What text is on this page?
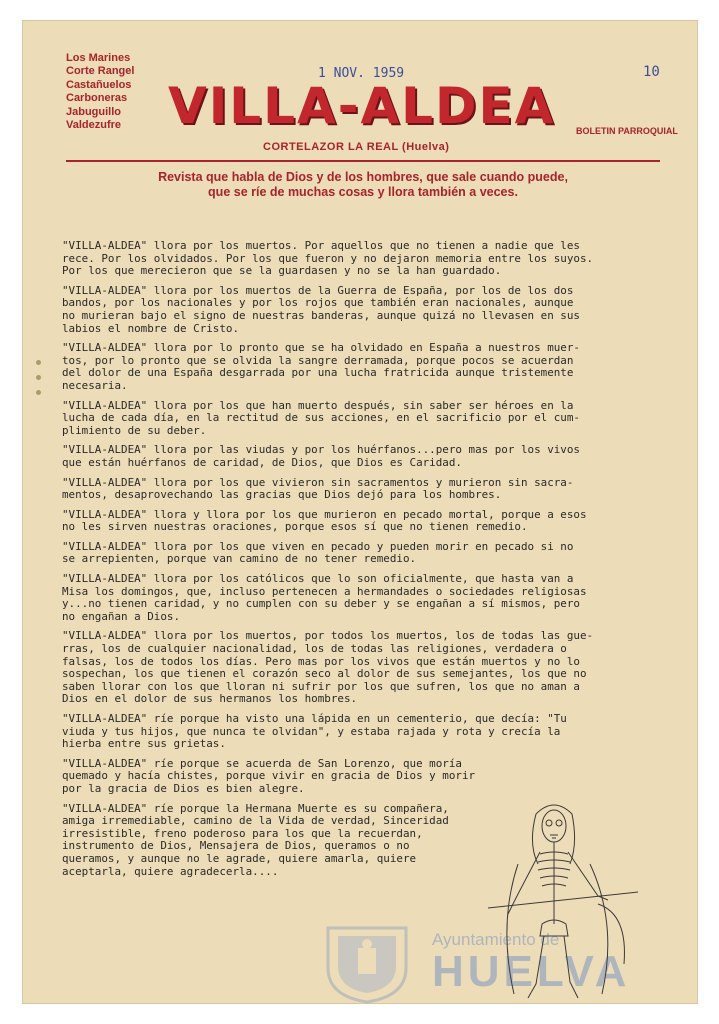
Los Marines
Corte Rangel
Castañuelos
Carboneras
Jabuguillo
Valdezufre
1 NOV. 1959	10
VILLA-ALDEA BOLETIN PARROQUIAL
CORTELAZOR LA REAL (Huelva)
Revista que habla de Dios y de los hombres, que sale cuando puede,
que se ríe de muchas cosas y llora también a veces.
"VILLA-ALDEA" llora por los muertos. Por aquellos que no tienen a nadie que les
rece. Por los olvidados. Por los que fueron y no dejaron memoria entre los suyos.
Por los que merecieron que se la guardasen y no se la han guardado.
"VILLA-ALDEA" llora por los muertos de la Guerra de España, por los de los dos
bandos, por los nacionales y por los rojos que también eran nacionales, aunque
no murieran bajo el signo de nuestras banderas, aunque quizá no llevasen en sus
labios el nombre de Cristo.
"VILLA-ALDEA" llora por lo pronto que se ha olvidado en España a nuestros muer-
tos, por lo pronto que se olvida la sangre derramada, porque pocos se acuerdan
del dolor de una España desgarrada por una lucha fratricida aunque tristemente
necesaria.
"VILLA-ALDEA" llora por los que han muerto después, sin saber ser héroes en la
lucha de cada día, en la rectitud de sus acciones, en el sacrificio por el cum-
plimiento de su deber.
"VILLA-ALDEA" llora por las viudas y por los huérfanos...pero mas por los vivos
que están huérfanos de caridad, de Dios, que Dios es Caridad.
"VILLA-ALDEA" llora por los que vivieron sin sacramentos y murieron sin sacra-
mentos, desaprovechando las gracias que Dios dejó para los hombres.
"VILLA-ALDEA" llora y llora por los que murieron en pecado mortal, porque a esos
no les sirven nuestras oraciones, porque esos sí que no tienen remedio.
"VILLA-ALDEA" llora por los que viven en pecado y pueden morir en pecado si no
se arrepienten, porque van camino de no tener remedio.
"VILLA-ALDEA" llora por los católicos que lo son oficialmente, que hasta van a
Misa los domingos, que, incluso pertenecen a hermandades o sociedades religiosas
y...no tienen caridad, y no cumplen con su deber y se engañan a sí mismos, pero
no engañan a Dios.
"VILLA-ALDEA" llora por los muertos, por todos los muertos, los de todas las gue-
rras, los de cualquier nacionalidad, los de todas las religiones, verdadera o
falsas, los de todos los días. Pero mas por los vivos que están muertos y no lo
sospechan, los que tienen el corazón seco al dolor de sus semejantes, los que no
saben llorar con los que lloran ni sufrir por los que sufren, los que no aman a
Dios en el dolor de sus hermanos los hombres.
"VILLA-ALDEA" ríe porque ha visto una lápida en un cementerio, que decía: "Tu
viuda y tus hijos, que nunca te olvidan", y estaba rajada y rota y crecía la
hierba entre sus grietas.
"VILLA-ALDEA" ríe porque se acuerda de San Lorenzo, que moría
quemado y hacía chistes, porque vivir en gracia de Dios y morir
por la gracia de Dios es bien alegre.
"VILLA-ALDEA" ríe porque la Hermana Muerte es su compañera,
amiga irremediable, camino de la Vida de verdad, Sinceridad
irresistible, freno poderoso para los que la recuerdan,
instrumento de Dios, Mensajera de Dios, queramos o no
queramos, y aunque no le agrade, quiere amarla, quiere
aceptarla, quiere agradecerla....
Ayuntamiento de
HUELVA
